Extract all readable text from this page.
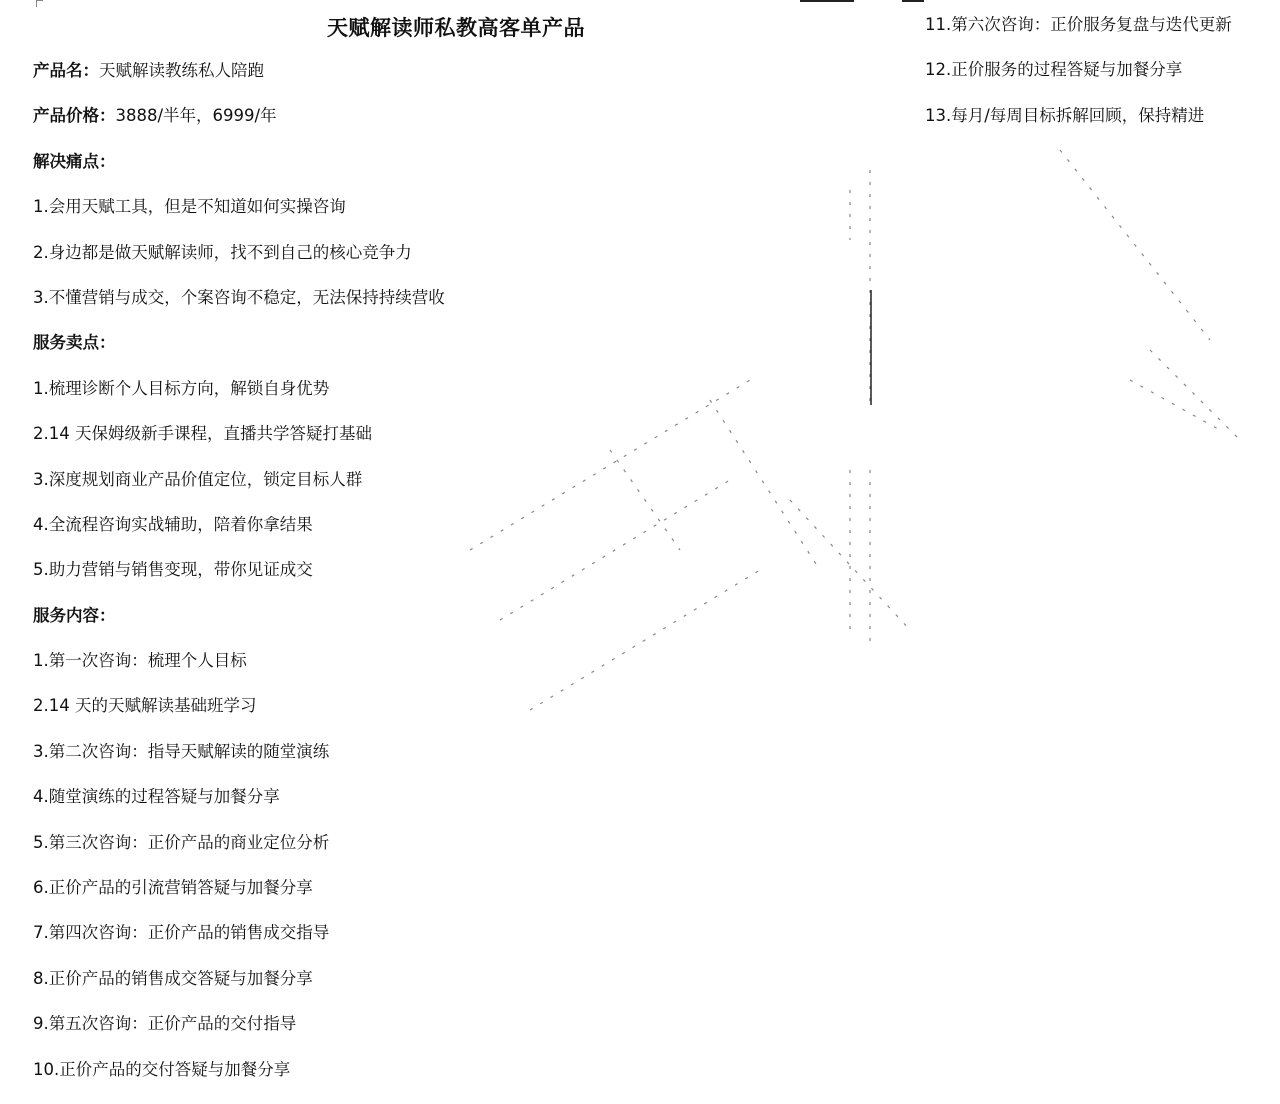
天赋解读师私教高客单产品
产品名：天赋解读教练私人陪跑
产品价格：3888/半年，6999/年
解决痛点：
1.会用天赋工具，但是不知道如何实操咨询
2.身边都是做天赋解读师，找不到自己的核心竞争力
3.不懂营销与成交，个案咨询不稳定，无法保持持续营收
服务卖点：
1.梳理诊断个人目标方向，解锁自身优势
2.14 天保姆级新手课程，直播共学答疑打基础
3.深度规划商业产品价值定位，锁定目标人群
4.全流程咨询实战辅助，陪着你拿结果
5.助力营销与销售变现，带你见证成交
服务内容：
1.第一次咨询：梳理个人目标
2.14 天的天赋解读基础班学习
3.第二次咨询：指导天赋解读的随堂演练
4.随堂演练的过程答疑与加餐分享
5.第三次咨询：正价产品的商业定位分析
6.正价产品的引流营销答疑与加餐分享
7.第四次咨询：正价产品的销售成交指导
8.正价产品的销售成交答疑与加餐分享
9.第五次咨询：正价产品的交付指导
10.正价产品的交付答疑与加餐分享
11.第六次咨询：正价服务复盘与迭代更新
12.正价服务的过程答疑与加餐分享
13.每月/每周目标拆解回顾，保持精进
